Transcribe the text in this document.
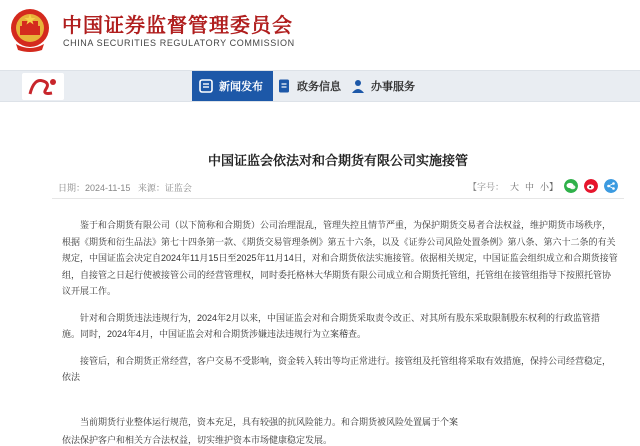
中国证券监督管理委员会
CHINA SECURITIES REGULATORY COMMISSION
新闻发布	政务信息	办事服务
中国证监会依法对和合期货有限公司实施接管
日期：2024-11-15 来源：证监会	【字号： 大 中 小】

鉴于和合期货有限公司（以下简称和合期货）公司治理混乱，管理失控且情节严重，为保护期货交易者合法权益，维护期货市场秩序，根据《期货和衍生品法》第七十四条第一款、《期货交易管理条例》第五十六条，以及《证券公司风险处置条例》第八条、第六十二条的有关规定，中国证监会决定自2024年11月15日至2025年11月14日，对和合期货依法实施接管。依据相关规定，中国证监会组织成立和合期货接管组，自接管之日起行使被接管公司的经营管理权，同时委托格林大华期货有限公司成立和合期货托管组，托管组在接管组指导下按照托管协议开展工作。

针对和合期货违法违规行为，2024年2月以来，中国证监会对和合期货采取责令改正、对其所有股东采取限制股东权利的行政监管措施。同时，2024年4月，中国证监会对和合期货涉嫌违法违规行为立案稽查。

接管后，和合期货正常经营，客户交易不受影响，资金转入转出等均正常进行。接管组及托管组将采取有效措施，保持公司经营稳定，依法

当前期货行业整体运行规范，资本充足，具有较强的抗风险能力。和合期货被风险处置属于个案

依法保护客户和相关方合法权益，切实维护资本市场健康稳定发展。
